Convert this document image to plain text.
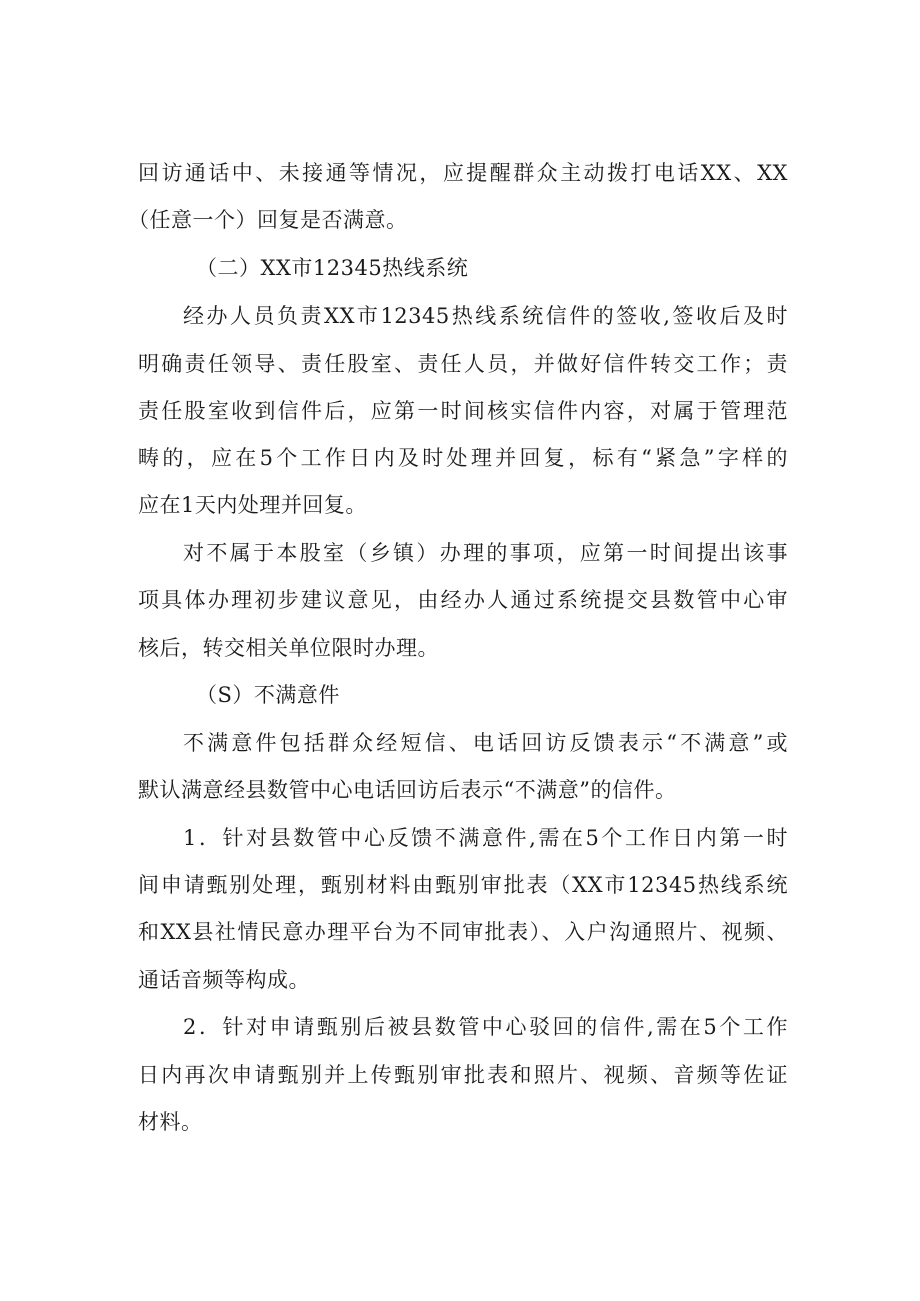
回访通话中、未接通等情况，应提醒群众主动拨打电话XX、XX
（任意一个）回复是否满意。
（二）XX市12345热线系统
经办人员负责XX市12345热线系统信件的签收,签收后及时
明确责任领导、责任股室、责任人员，并做好信件转交工作；责
责任股室收到信件后，应第一时间核实信件内容，对属于管理范
畴的，应在5个工作日内及时处理并回复，标有“紧急”字样的
应在1天内处理并回复。
对不属于本股室（乡镇）办理的事项，应第一时间提出该事
项具体办理初步建议意见，由经办人通过系统提交县数管中心审
核后，转交相关单位限时办理。
（S）不满意件
不满意件包括群众经短信、电话回访反馈表示“不满意”或
默认满意经县数管中心电话回访后表示“不满意”的信件。
1．针对县数管中心反馈不满意件,需在5个工作日内第一时
间申请甄别处理，甄别材料由甄别审批表（XX市12345热线系统
和XX县社情民意办理平台为不同审批表）、入户沟通照片、视频、
通话音频等构成。
2．针对申请甄别后被县数管中心驳回的信件,需在5个工作
日内再次申请甄别并上传甄别审批表和照片、视频、音频等佐证
材料。
